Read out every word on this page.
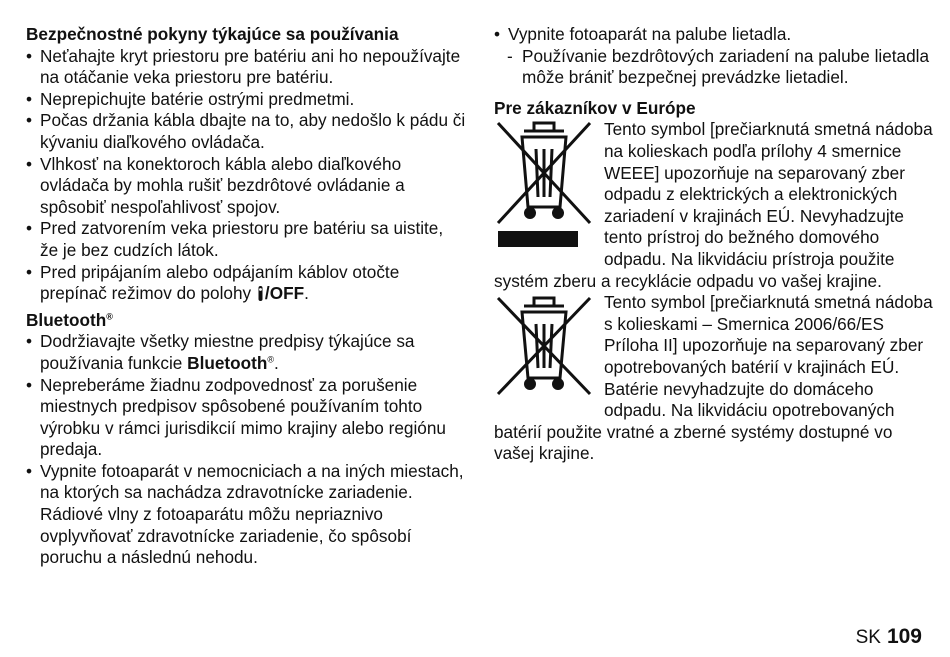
Bezpečnostné pokyny týkajúce sa používania
• Neťahajte kryt priestoru pre batériu ani ho nepoužívajte na otáčanie veka priestoru pre batériu.
• Neprepichujte batérie ostrými predmetmi.
• Počas držania kábla dbajte na to, aby nedošlo k pádu či kývaniu diaľkového ovládača.
• Vlhkosť na konektoroch kábla alebo diaľkového ovládača by mohla rušiť bezdrôtové ovládanie a spôsobiť nespoľahlivosť spojov.
• Pred zatvorením veka priestoru pre batériu sa uistite, že je bez cudzích látok.
• Pred pripájaním alebo odpájaním káblov otočte prepínač režimov do polohy /OFF.
Bluetooth®
• Dodržiavajte všetky miestne predpisy týkajúce sa používania funkcie Bluetooth®.
• Nepreberáme žiadnu zodpovednosť za porušenie miestnych predpisov spôsobené používaním tohto výrobku v rámci jurisdikcií mimo krajiny alebo regiónu predaja.
• Vypnite fotoaparát v nemocniciach a na iných miestach, na ktorých sa nachádza zdravotnícke zariadenie.
Rádiové vlny z fotoaparátu môžu nepriaznivo ovplyvňovať zdravotnícke zariadenie, čo spôsobí poruchu a následnú nehodu.
• Vypnite fotoaparát na palube lietadla.
- Používanie bezdrôtových zariadení na palube lietadla môže brániť bezpečnej prevádzke lietadiel.
Pre zákazníkov v Európe
Tento symbol [prečiarknutá smetná nádoba na kolieskach podľa prílohy 4 smernice WEEE] upozorňuje na separovaný zber odpadu z elektrických a elektronických zariadení v krajinách EÚ. Nevyhadzujte tento prístroj do bežného domového odpadu. Na likvidáciu prístroja použite systém zberu a recyklácie odpadu vo vašej krajine.
Tento symbol [prečiarknutá smetná nádoba s kolieskami – Smernica 2006/66/ES Príloha II] upozorňuje na separovaný zber opotrebovaných batérií v krajinách EÚ. Batérie nevyhadzujte do domáceho odpadu. Na likvidáciu opotrebovaných batérií použite vratné a zberné systémy dostupné vo vašej krajine.
SK 109
